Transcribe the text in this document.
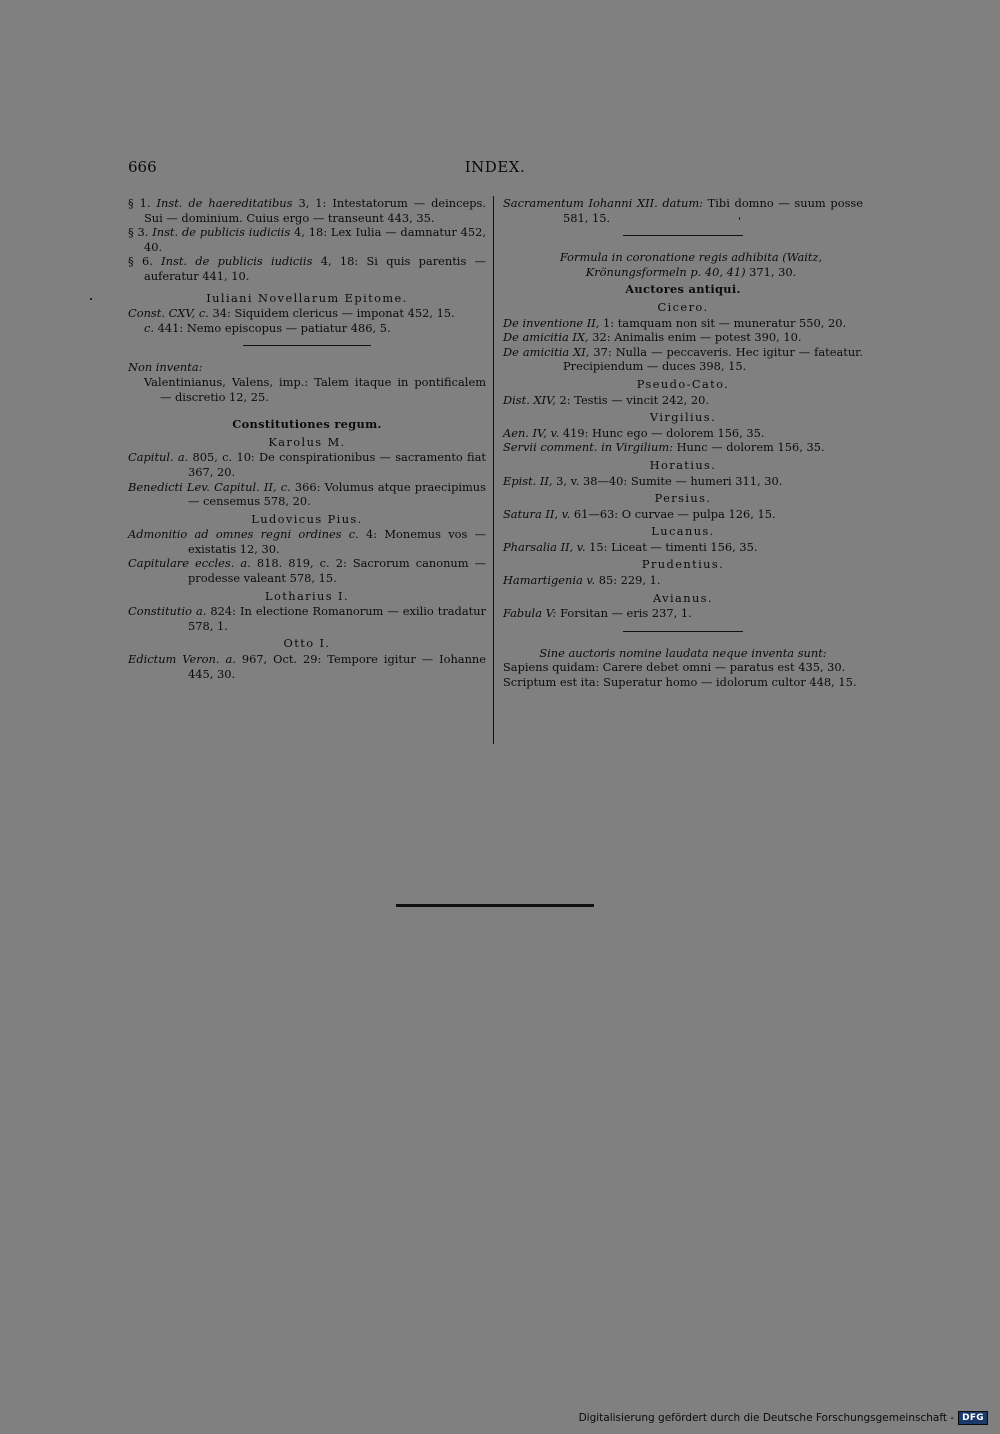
666	INDEX.
§ 1. Inst. de haereditatibus 3, 1: Intestatorum — deinceps. Sui — dominium. Cuius ergo — transeunt 443, 35.
§ 3. Inst. de publicis iudiciis 4, 18: Lex Iulia — damnatur 452, 40.
§ 6. Inst. de publicis iudiciis 4, 18: Si quis parentis — auferatur 441, 10.
Iuliani Novellarum Epitome.
Const. CXV, c. 34: Siquidem clericus — imponat 452, 15.
c. 441: Nemo episcopus — patiatur 486, 5.
Non inventa:
Valentinianus, Valens, imp.: Talem itaque in pontificalem — discretio 12, 25.
Constitutiones regum.
Karolus M.
Capitul. a. 805, c. 10: De conspirationibus — sacramento fiat 367, 20.
Benedicti Lev. Capitul. II, c. 366: Volumus atque praecipimus — censemus 578, 20.
Ludovicus Pius.
Admonitio ad omnes regni ordines c. 4: Monemus vos — existatis 12, 30.
Capitulare eccles. a. 818. 819, c. 2: Sacrorum canonum — prodesse valeant 578, 15.
Lotharius I.
Constitutio a. 824: In electione Romanorum — exilio tradatur 578, 1.
Otto I.
Edictum Veron. a. 967, Oct. 29: Tempore igitur — Iohanne 445, 30.
Sacramentum Iohanni XII. datum: Tibi domno — suum posse 581, 15.
Formula in coronatione regis adhibita (Waitz, Krönungsformeln p. 40, 41) 371, 30.
Auctores antiqui.
Cicero.
De inventione II, 1: tamquam non sit — muneratur 550, 20.
De amicitia IX, 32: Animalis enim — potest 390, 10.
De amicitia XI, 37: Nulla — peccaveris. Hec igitur — fateatur. Precipiendum — duces 398, 15.
Pseudo-Cato.
Dist. XIV, 2: Testis — vincit 242, 20.
Virgilius.
Aen. IV, v. 419: Hunc ego — dolorem 156, 35.
Servii comment. in Virgilium: Hunc — dolorem 156, 35.
Horatius.
Epist. II, 3, v. 38—40: Sumite — humeri 311, 30.
Persius.
Satura II, v. 61—63: O curvae — pulpa 126, 15.
Lucanus.
Pharsalia II, v. 15: Liceat — timenti 156, 35.
Prudentius.
Hamartigenia v. 85: 229, 1.
Avianus.
Fabula V: Forsitan — eris 237, 1.
Sine auctoris nomine laudata neque inventa sunt:
Sapiens quidam: Carere debet omni — paratus est 435, 30.
Scriptum est ita: Superatur homo — idolorum cultor 448, 15.
Digitalisierung gefördert durch die Deutsche Forschungsgemeinschaft - DFG
